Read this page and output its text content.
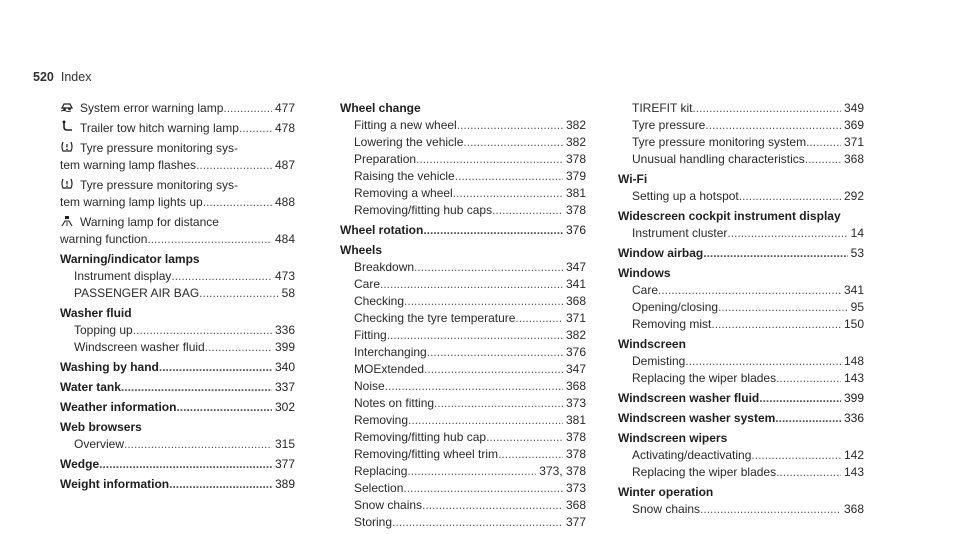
520 Index
System error warning lamp .....	477
Trailer tow hitch warning lamp .....	478
Tyre pressure monitoring sys-
tem warning lamp flashes .....	487
Tyre pressure monitoring sys-
tem warning lamp lights up .....	488
Warning lamp for distance
warning function .....	484
Warning/indicator lamps
Instrument display .....	473
PASSENGER AIR BAG .....	58
Washer fluid
Topping up .....	336
Windscreen washer fluid .....	399
Washing by hand .....	340
Water tank .....	337
Weather information .....	302
Web browsers
Overview .....	315
Wedge .....	377
Weight information .....	389
Wheel change
Fitting a new wheel .....	382
Lowering the vehicle .....	382
Preparation .....	378
Raising the vehicle .....	379
Removing a wheel .....	381
Removing/fitting hub caps .....	378
Wheel rotation .....	376
Wheels
Breakdown .....	347
Care .....	341
Checking .....	368
Checking the tyre temperature .....	371
Fitting .....	382
Interchanging .....	376
MOExtended .....	347
Noise .....	368
Notes on fitting .....	373
Removing .....	381
Removing/fitting hub cap .....	378
Removing/fitting wheel trim .....	378
Replacing .....	373, 378
Selection .....	373
Snow chains .....	368
Storing .....	377
TIREFIT kit .....	349
Tyre pressure .....	369
Tyre pressure monitoring system .....	371
Unusual handling characteristics .....	368
Wi-Fi
Setting up a hotspot .....	292
Widescreen cockpit instrument display
Instrument cluster .....	14
Window airbag .....	53
Windows
Care .....	341
Opening/closing .....	95
Removing mist .....	150
Windscreen
Demisting .....	148
Replacing the wiper blades .....	143
Windscreen washer fluid .....	399
Windscreen washer system .....	336
Windscreen wipers
Activating/deactivating .....	142
Replacing the wiper blades .....	143
Winter operation
Snow chains .....	368
